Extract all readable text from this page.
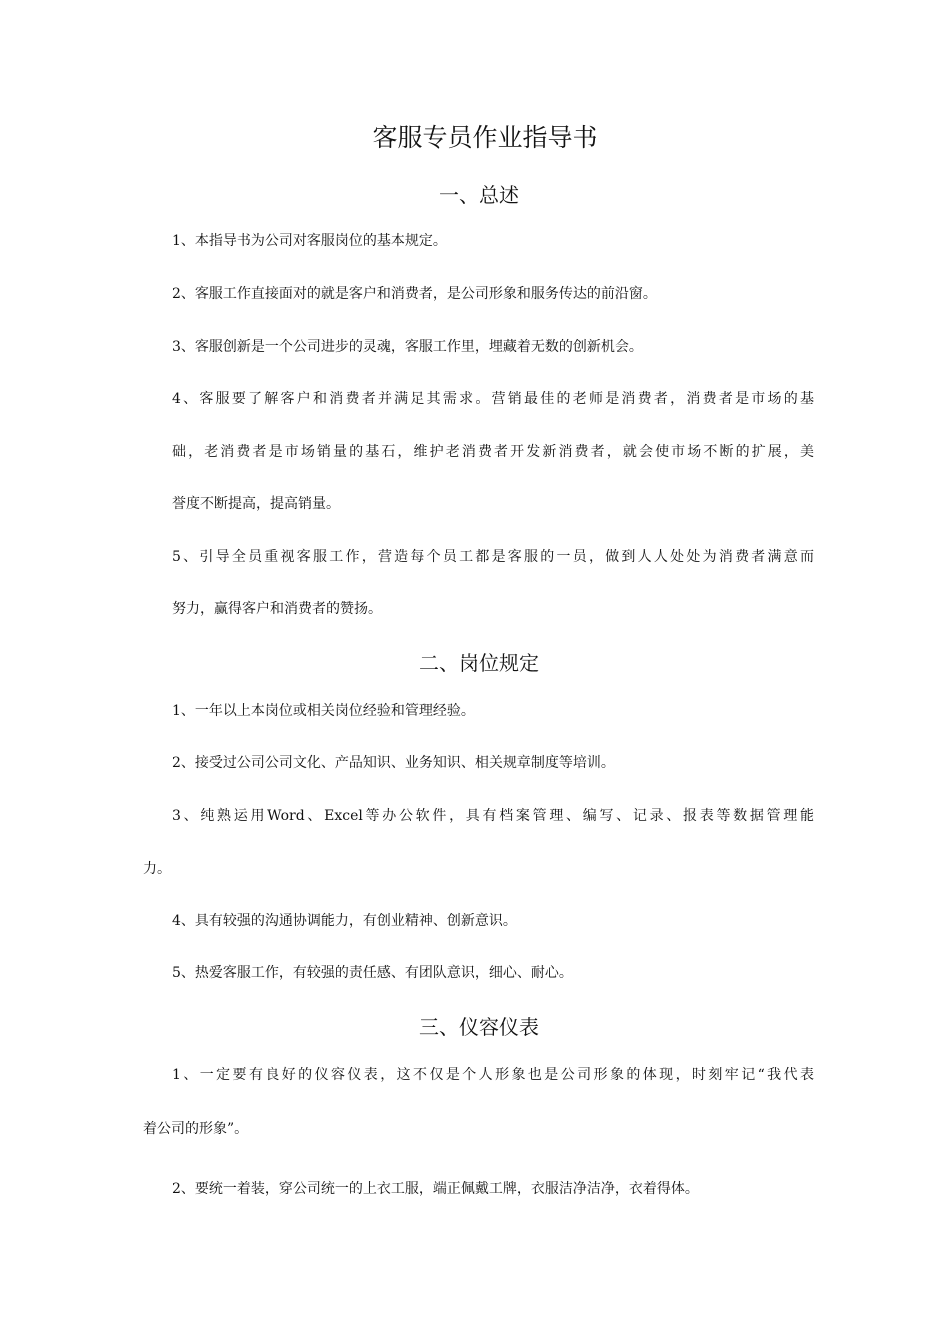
客服专员作业指导书
一、总述
1、本指导书为公司对客服岗位的基本规定。
2、客服工作直接面对的就是客户和消费者，是公司形象和服务传达的前沿窗。
3、客服创新是一个公司进步的灵魂，客服工作里，埋藏着无数的创新机会。
4、客服要了解客户和消费者并满足其需求。营销最佳的老师是消费者，消费者是市场的基
础，老消费者是市场销量的基石，维护老消费者开发新消费者，就会使市场不断的扩展，美
誉度不断提高，提高销量。
5、引导全员重视客服工作，营造每个员工都是客服的一员，做到人人处处为消费者满意而
努力，赢得客户和消费者的赞扬。
二、岗位规定
1、一年以上本岗位或相关岗位经验和管理经验。
2、接受过公司公司文化、产品知识、业务知识、相关规章制度等培训。
3、纯熟运用Word、Excel等办公软件，具有档案管理、编写、记录、报表等数据管理能
力。
4、具有较强的沟通协调能力，有创业精神、创新意识。
5、热爱客服工作，有较强的责任感、有团队意识，细心、耐心。
三、仪容仪表
1、一定要有良好的仪容仪表，这不仅是个人形象也是公司形象的体现，时刻牢记“我代表
着公司的形象”。
2、要统一着装，穿公司统一的上衣工服，端正佩戴工牌，衣服洁净洁净，衣着得体。
